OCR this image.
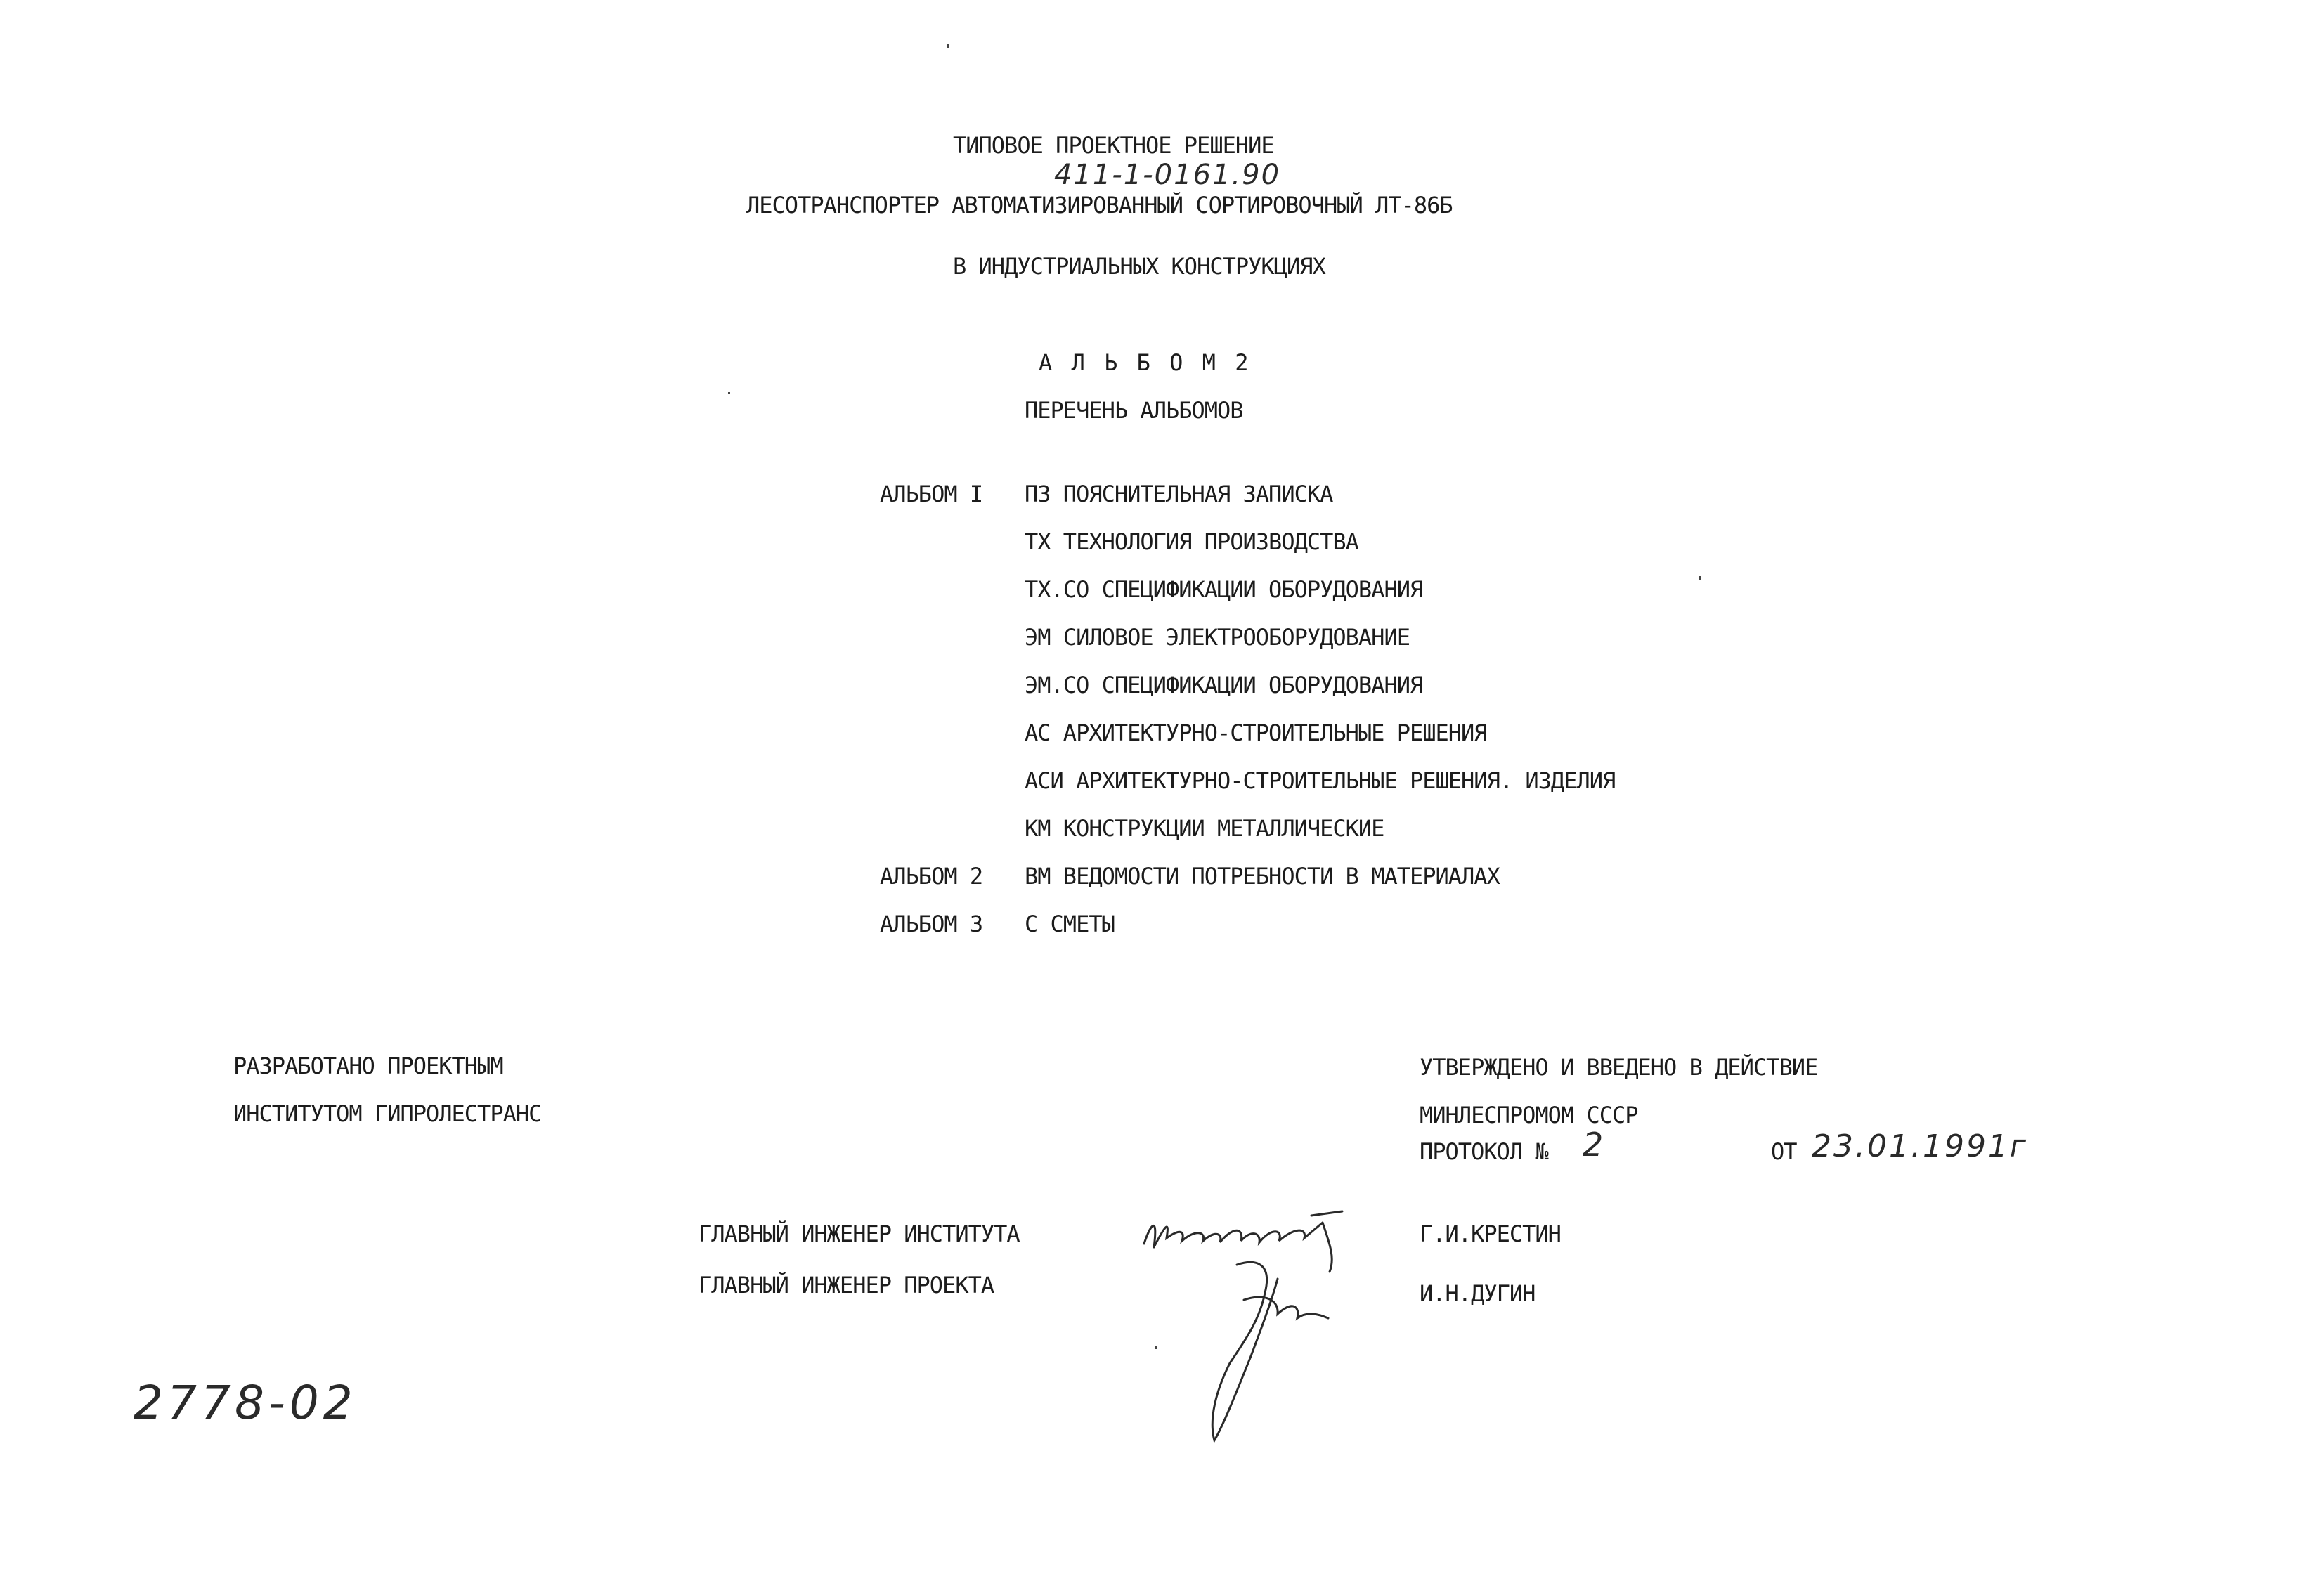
ТИПОВОЕ ПРОЕКТНОЕ РЕШЕНИЕ
411-1-0161.90
ЛЕСОТРАНСПОРТЕР АВТОМАТИЗИРОВАННЫЙ СОРТИРОВОЧНЫЙ ЛТ-86Б
В ИНДУСТРИАЛЬНЫХ КОНСТРУКЦИЯХ
А Л Ь Б О М 2
ПЕРЕЧЕНЬ АЛЬБОМОВ
АЛЬБОМ I ПЗ ПОЯСНИТЕЛЬНАЯ ЗАПИСКА
ТХ ТЕХНОЛОГИЯ ПРОИЗВОДСТВА
ТХ.СО СПЕЦИФИКАЦИИ ОБОРУДОВАНИЯ
ЭМ СИЛОВОЕ ЭЛЕКТРООБОРУДОВАНИЕ
ЭМ.СО СПЕЦИФИКАЦИИ ОБОРУДОВАНИЯ
АС АРХИТЕКТУРНО-СТРОИТЕЛЬНЫЕ РЕШЕНИЯ
АСИ АРХИТЕКТУРНО-СТРОИТЕЛЬНЫЕ РЕШЕНИЯ. ИЗДЕЛИЯ
КМ КОНСТРУКЦИИ МЕТАЛЛИЧЕСКИЕ
АЛЬБОМ 2 ВМ ВЕДОМОСТИ ПОТРЕБНОСТИ В МАТЕРИАЛАХ
АЛЬБОМ 3 С СМЕТЫ
РАЗРАБОТАНО ПРОЕКТНЫМ
ИНСТИТУТОМ ГИПРОЛЕСТРАНС
УТВЕРЖДЕНО И ВВЕДЕНО В ДЕЙСТВИЕ
МИНЛЕСПРОМОМ СССР
ПРОТОКОЛ № 2	ОТ 23.01.1991г
ГЛАВНЫЙ ИНЖЕНЕР ИНСТИТУТА	Г.И.КРЕСТИН
ГЛАВНЫЙ ИНЖЕНЕР ПРОЕКТА	И.Н.ДУГИН
2778-02
